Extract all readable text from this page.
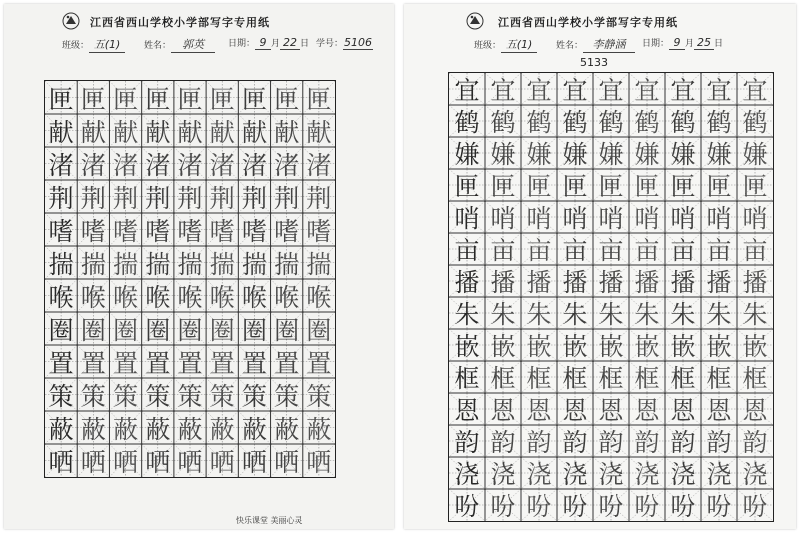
江西省西山学校小学部写字专用纸
班级： 五(1)	姓名： 郭英	日期： 9 月 22 日 学号：5106
匣 匣 匣 匣 匣 匣 匣 匣 匣
献 献 献 献 献 献 献 献 献
渚 渚 渚 渚 渚 渚 渚 渚 渚
荆 荆 荆 荆 荆 荆 荆 荆 荆
嗜 嗜 嗜 嗜 嗜 嗜 嗜 嗜 嗜
揣 揣 揣 揣 揣 揣 揣 揣 揣
喉 喉 喉 喉 喉 喉 喉 喉 喉
圈 圈 圈 圈 圈 圈 圈 圈 圈
置 置 置 置 置 置 置 置 置
策 策 策 策 策 策 策 策 策
蔽 蔽 蔽 蔽 蔽 蔽 蔽 蔽 蔽
哂 哂 哂 哂 哂 哂 哂 哂 哂
快乐课堂 美丽心灵
江西省西山学校小学部写字专用纸
班级： 五(1)	姓名： 李静涵	日期： 9 月 25 日
5133
宜 宜 宜 宜 宜 宜 宜 宜 宜
鹤 鹤 鹤 鹤 鹤 鹤 鹤 鹤 鹤
嫌 嫌 嫌 嫌 嫌 嫌 嫌 嫌 嫌
匣 匣 匣 匣 匣 匣 匣 匣 匣
哨 哨 哨 哨 哨 哨 哨 哨 哨
亩 亩 亩 亩 亩 亩 亩 亩 亩
播 播 播 播 播 播 播 播 播
朱 朱 朱 朱 朱 朱 朱 朱 朱
嵌 嵌 嵌 嵌 嵌 嵌 嵌 嵌 嵌
框 框 框 框 框 框 框 框 框
恩 恩 恩 恩 恩 恩 恩 恩 恩
韵 韵 韵 韵 韵 韵 韵 韵 韵
浇 浇 浇 浇 浇 浇 浇 浇 浇
吩 吩 吩 吩 吩 吩 吩 吩 吩
